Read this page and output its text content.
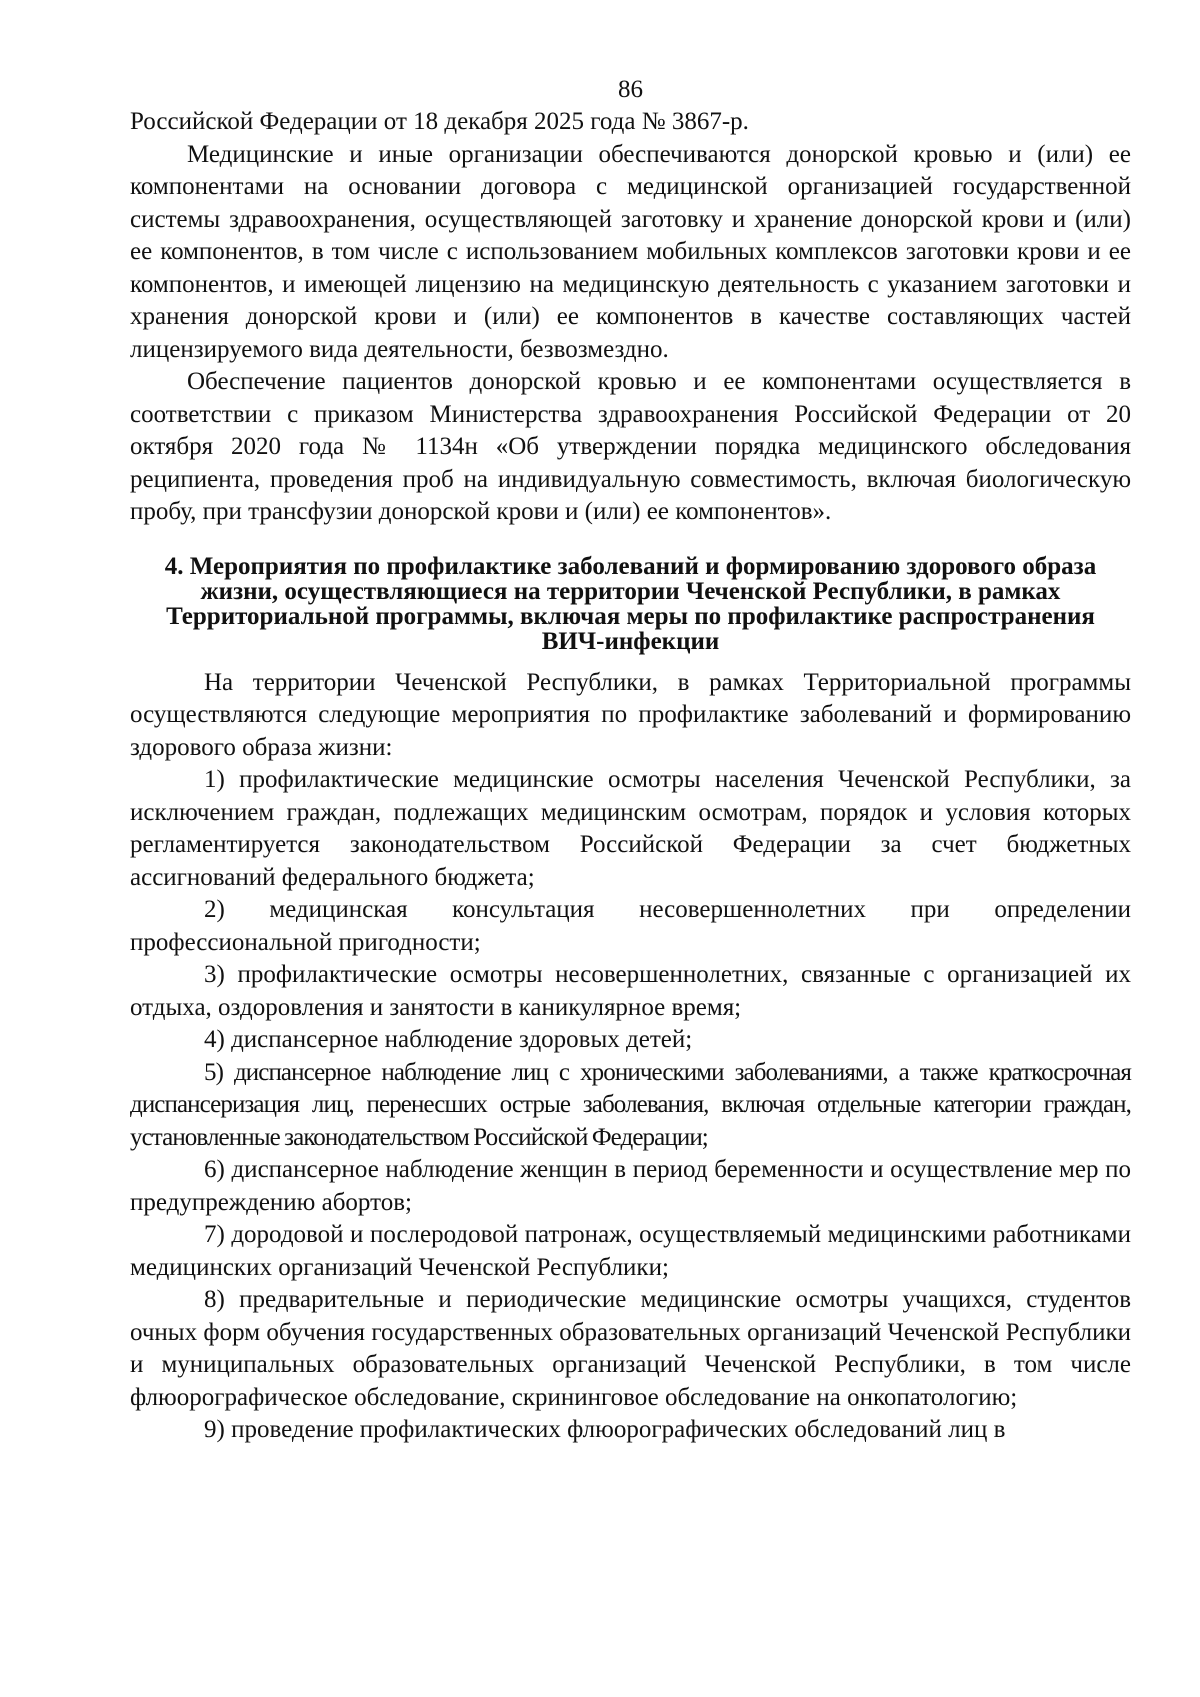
86

Российской Федерации от 18 декабря 2025 года № 3867-р.

Медицинские и иные организации обеспечиваются донорской кровью и (или) ее компонентами на основании договора с медицинской организацией государственной системы здравоохранения, осуществляющей заготовку и хранение донорской крови и (или) ее компонентов, в том числе с использованием мобильных комплексов заготовки крови и ее компонентов, и имеющей лицензию на медицинскую деятельность с указанием заготовки и хранения донорской крови и (или) ее компонентов в качестве составляющих частей лицензируемого вида деятельности, безвозмездно.

Обеспечение пациентов донорской кровью и ее компонентами осуществляется в соответствии с приказом Министерства здравоохранения Российской Федерации от 20 октября 2020 года № 1134н «Об утверждении порядка медицинского обследования реципиента, проведения проб на индивидуальную совместимость, включая биологическую пробу, при трансфузии донорской крови и (или) ее компонентов».

4. Мероприятия по профилактике заболеваний и формированию здорового образа жизни, осуществляющиеся на территории Чеченской Республики, в рамках Территориальной программы, включая меры по профилактике распространения ВИЧ-инфекции

На территории Чеченской Республики, в рамках Территориальной программы осуществляются следующие мероприятия по профилактике заболеваний и формированию здорового образа жизни:

1) профилактические медицинские осмотры населения Чеченской Республики, за исключением граждан, подлежащих медицинским осмотрам, порядок и условия которых регламентируется законодательством Российской Федерации за счет бюджетных ассигнований федерального бюджета;

2) медицинская консультация несовершеннолетних при определении профессиональной пригодности;

3) профилактические осмотры несовершеннолетних, связанные с организацией их отдыха, оздоровления и занятости в каникулярное время;

4) диспансерное наблюдение здоровых детей;

5) диспансерное наблюдение лиц с хроническими заболеваниями, а также краткосрочная диспансеризация лиц, перенесших острые заболевания, включая отдельные категории граждан, установленные законодательством Российской Федерации;

6) диспансерное наблюдение женщин в период беременности и осуществление мер по предупреждению абортов;

7) дородовой и послеродовой патронаж, осуществляемый медицинскими работниками медицинских организаций Чеченской Республики;

8) предварительные и периодические медицинские осмотры учащихся, студентов очных форм обучения государственных образовательных организаций Чеченской Республики и муниципальных образовательных организаций Чеченской Республики, в том числе флюорографическое обследование, скрининговое обследование на онкопатологию;

9) проведение профилактических флюорографических обследований лиц в
